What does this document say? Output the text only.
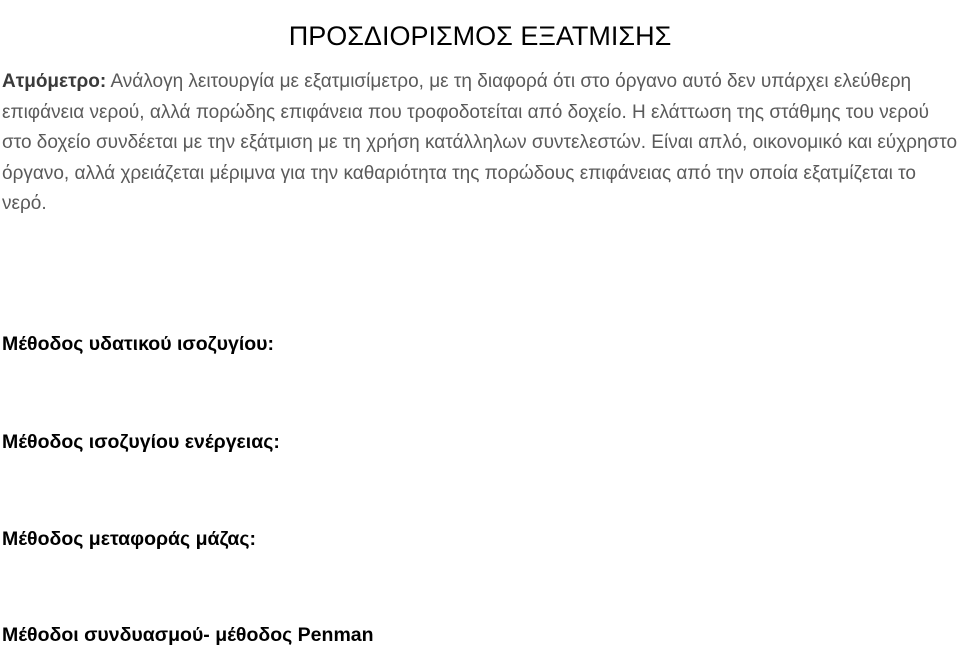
ΠΡΟΣΔΙΟΡΙΣΜΟΣ ΕΞΑΤΜΙΣΗΣ

Ατμόμετρο: Ανάλογη λειτουργία με εξατμισίμετρο, με τη διαφορά ότι στο όργανο αυτό δεν υπάρχει ελεύθερη επιφάνεια νερού, αλλά πορώδης επιφάνεια που τροφοδοτείται από δοχείο. Η ελάττωση της στάθμης του νερού στο δοχείο συνδέεται με την εξάτμιση με τη χρήση κατάλληλων συντελεστών. Είναι απλό, οικονομικό και εύχρηστο όργανο, αλλά χρειάζεται μέριμνα για την καθαριότητα της πορώδους επιφάνειας από την οποία εξατμίζεται το νερό.

Μέθοδος υδατικού ισοζυγίου:
Μέθοδος ισοζυγίου ενέργειας:
Μέθοδος μεταφοράς μάζας:
Μέθοδοι συνδυασμού- μέθοδος Penman
